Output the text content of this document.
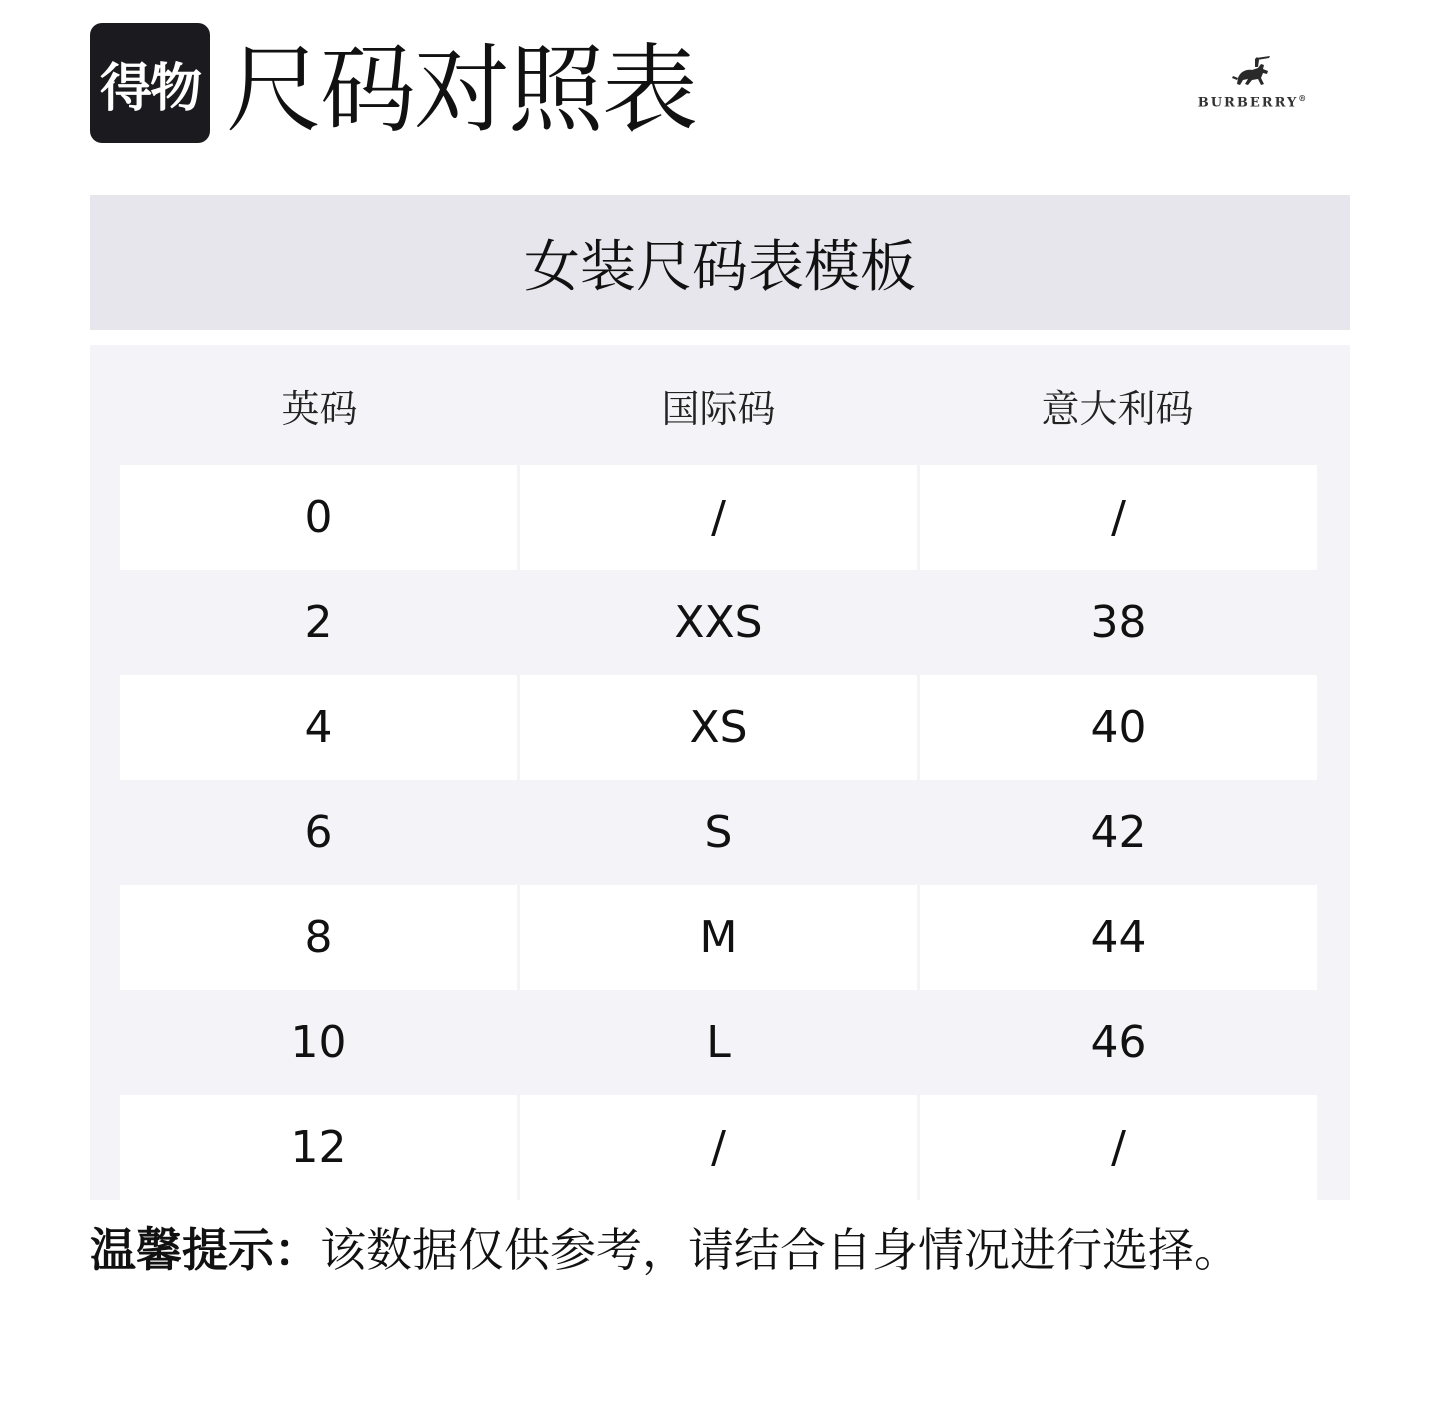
得物 尺码对照表	BURBERRY®
女装尺码表模板
英码	国际码	意大利码
0	/	/
2	XXS	38
4	XS	40
6	S	42
8	M	44
10	L	46
12	/	/
温馨提示：该数据仅供参考，请结合自身情况进行选择。
